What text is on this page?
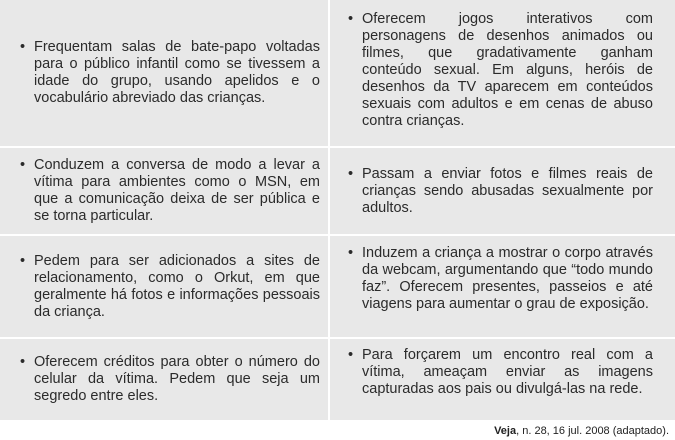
• Frequentam salas de bate-papo voltadas para o público infantil como se tivessem a idade do grupo, usando apelidos e o vocabulário abreviado das crianças.
• Oferecem jogos interativos com personagens de desenhos animados ou filmes, que gradativamente ganham conteúdo sexual. Em alguns, heróis de desenhos da TV aparecem em conteúdos sexuais com adultos e em cenas de abuso contra crianças.
• Conduzem a conversa de modo a levar a vítima para ambientes como o MSN, em que a comunicação deixa de ser pública e se torna particular.
• Passam a enviar fotos e filmes reais de crianças sendo abusadas sexualmente por adultos.
• Pedem para ser adicionados a sites de relacionamento, como o Orkut, em que geralmente há fotos e informações pessoais da criança.
• Induzem a criança a mostrar o corpo através da webcam, argumentando que “todo mundo faz”. Oferecem presentes, passeios e até viagens para aumentar o grau de exposição.
• Oferecem créditos para obter o número do celular da vítima. Pedem que seja um segredo entre eles.
• Para forçarem um encontro real com a vítima, ameaçam enviar as imagens capturadas aos pais ou divulgá-las na rede.
Veja, n. 28, 16 jul. 2008 (adaptado).
